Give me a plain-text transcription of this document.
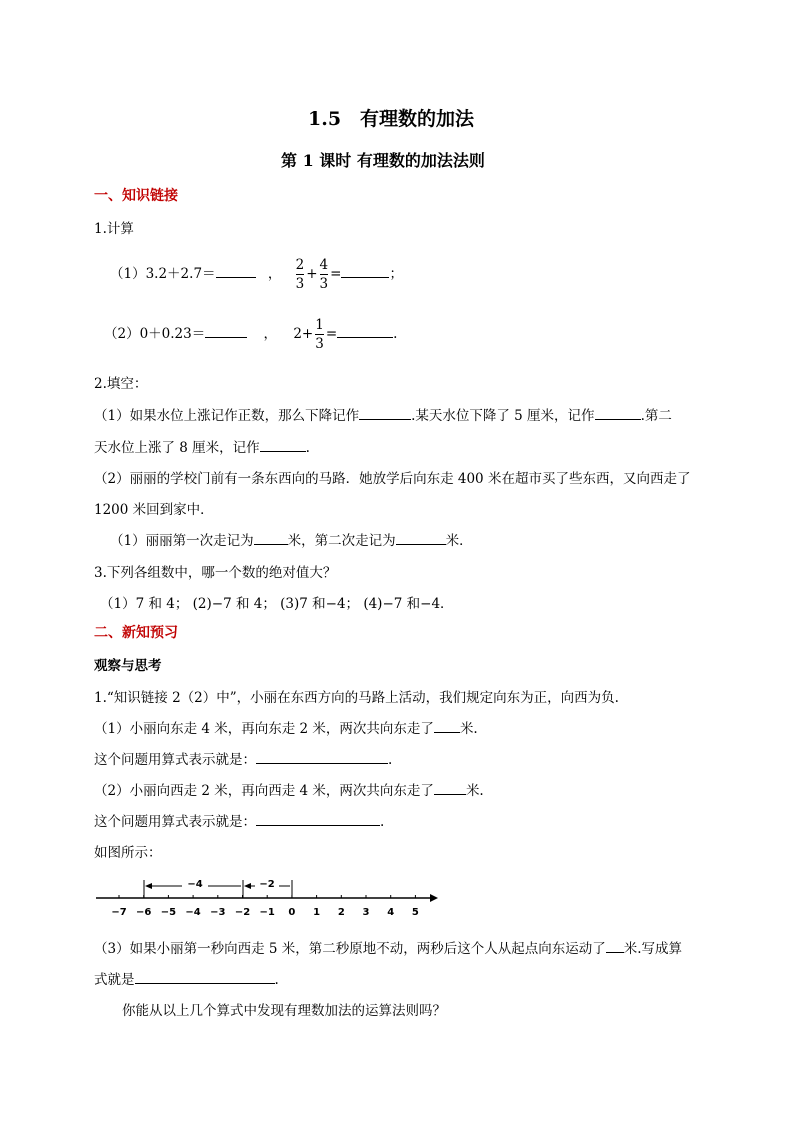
1.5　有理数的加法
第 1 课时 有理数的加法法则
一、知识链接
1.计算
（1）3.2＋2.7＝	， $\frac{2}{3} + \frac{4}{3}$ =	；
（2）0＋0.23＝	， $2+ \frac{1}{3}$ =	.
2.填空：
（1）如果水位上涨记作正数，那么下降记作	.某天水位下降了 5 厘米，记作	.第二
天水位上涨了 8 厘米，记作	.
（2）丽丽的学校门前有一条东西向的马路．她放学后向东走 400 米在超市买了些东西，又向西走了
1200 米回到家中．
（1）丽丽第一次走记为	米，第二次走记为	米．
3.下列各组数中，哪一个数的绝对值大？
（1）7 和 4； (2)−7 和 4； (3)7 和−4； (4)−7 和−4．
二、新知预习
观察与思考
1.“知识链接 2（2）中”，小丽在东西方向的马路上活动，我们规定向东为正，向西为负.
（1）小丽向东走 4 米，再向东走 2 米，两次共向东走了 米.
这个问题用算式表示就是：	.
（2）小丽向西走 2 米，再向西走 4 米，两次共向东走了 米.
这个问题用算式表示就是：	.
如图所示：
−7 −6 −5 −4 −3 −2 −1 0 1 2 3 4 5
−4	−2
（3）如果小丽第一秒向西走 5 米，第二秒原地不动，两秒后这个人从起点向东运动了 米.写成算
式就是	.
你能从以上几个算式中发现有理数加法的运算法则吗？
